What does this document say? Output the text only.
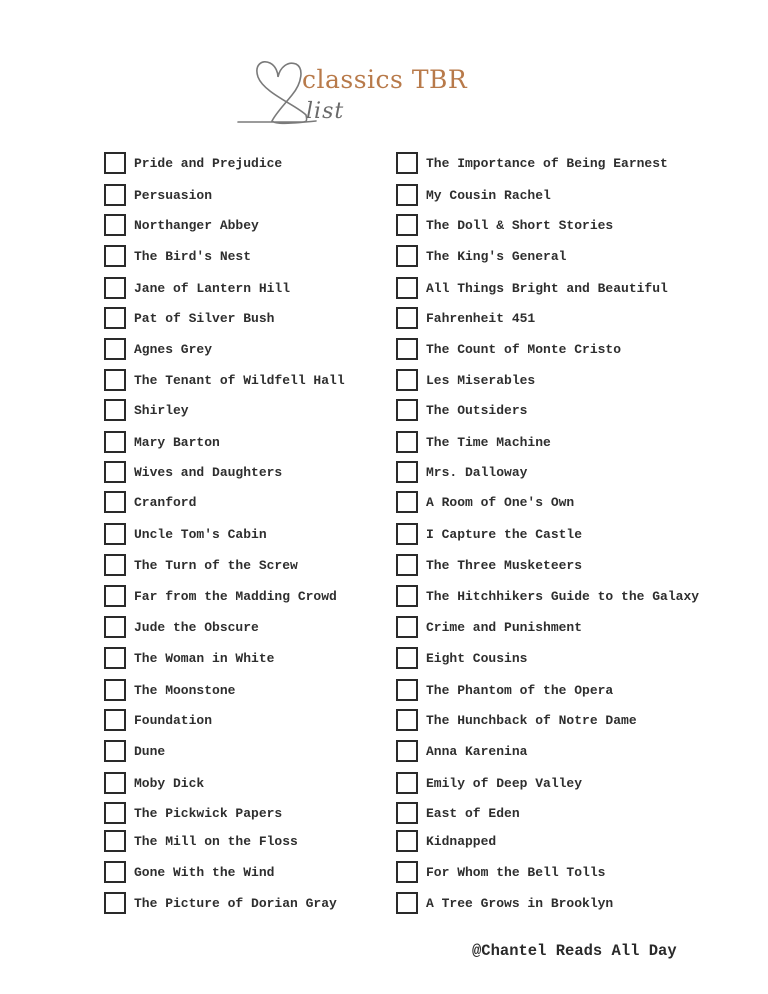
classics TBR
list
Pride and Prejudice
Persuasion
Northanger Abbey
The Bird's Nest
Jane of Lantern Hill
Pat of Silver Bush
Agnes Grey
The Tenant of Wildfell Hall
Shirley
Mary Barton
Wives and Daughters
Cranford
Uncle Tom's Cabin
The Turn of the Screw
Far from the Madding Crowd
Jude the Obscure
The Woman in White
The Moonstone
Foundation
Dune
Moby Dick
The Pickwick Papers
The Mill on the Floss
Gone With the Wind
The Picture of Dorian Gray
The Importance of Being Earnest
My Cousin Rachel
The Doll & Short Stories
The King's General
All Things Bright and Beautiful
Fahrenheit 451
The Count of Monte Cristo
Les Miserables
The Outsiders
The Time Machine
Mrs. Dalloway
A Room of One's Own
I Capture the Castle
The Three Musketeers
The Hitchhikers Guide to the Galaxy
Crime and Punishment
Eight Cousins
The Phantom of the Opera
The Hunchback of Notre Dame
Anna Karenina
Emily of Deep Valley
East of Eden
Kidnapped
For Whom the Bell Tolls
A Tree Grows in Brooklyn
@Chantel Reads All Day
